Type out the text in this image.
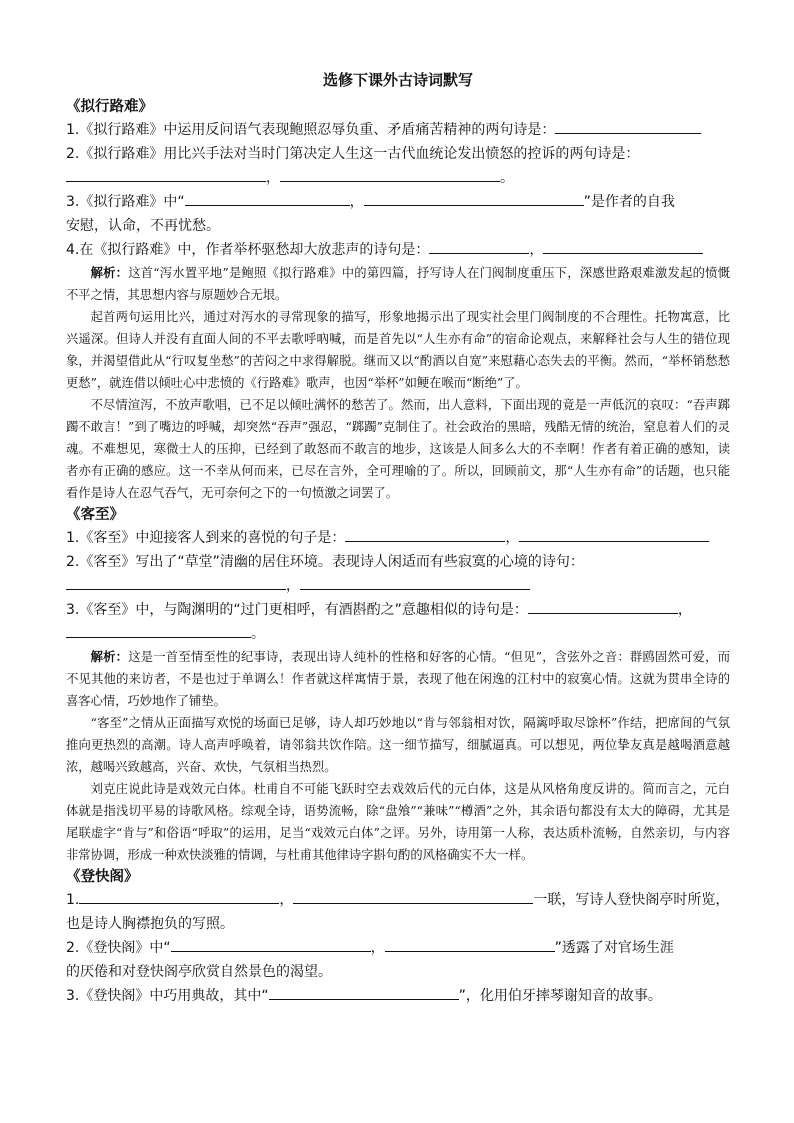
选修下课外古诗词默写
《拟行路难》
1.《拟行路难》中运用反问语气表现鲍照忍辱负重、矛盾痛苦精神的两句诗是：
2.《拟行路难》用比兴手法对当时门第决定人生这一古代血统论发出愤怒的控诉的两句诗是：
，	。
3.《拟行路难》中“	，	”是作者的自我
安慰，认命，不再忧愁。
4.在《拟行路难》中，作者举杯驱愁却大放悲声的诗句是：	，
解析：这首“泻水置平地”是鲍照《拟行路难》中的第四篇，抒写诗人在门阀制度重压下，深感世路艰难激发起的愤慨不平之情，其思想内容与原题妙合无垠。
起首两句运用比兴，通过对泻水的寻常现象的描写，形象地揭示出了现实社会里门阀制度的不合理性。托物寓意，比兴遥深。但诗人并没有直面人间的不平去歌呼吶喊，而是首先以“人生亦有命”的宿命论观点，来解释社会与人生的错位现象，并渴望借此从“行叹复坐愁”的苦闷之中求得解脱。继而又以“酌酒以自宽”来慰藉心态失去的平衡。然而，“举杯销愁愁更愁”，就连借以倾吐心中悲愤的《行路难》歌声，也因“举杯”如鲠在喉而“断绝”了。
不尽情渲泻，不放声歌唱，已不足以倾吐满怀的愁苦了。然而，出人意料，下面出现的竟是一声低沉的哀叹：“吞声踯躅不敢言！”到了嘴边的呼喊，却突然“吞声”强忍，“踯躅”克制住了。社会政治的黑暗，残酷无情的统治，窒息着人们的灵魂。不难想见，寒微士人的压抑，已经到了敢怒而不敢言的地步，这该是人间多么大的不幸啊！作者有着正确的感知，读者亦有正确的感应。这一不幸从何而来，已尽在言外，全可理喻的了。所以，回顾前文，那“人生亦有命”的话题，也只能看作是诗人在忍气吞气，无可奈何之下的一句愤激之词罢了。
《客至》
1.《客至》中迎接客人到来的喜悦的句子是：	，
2.《客至》写出了“草堂”清幽的居住环境。表现诗人闲适而有些寂寞的心境的诗句：
，
3.《客至》中，与陶渊明的“过门更相呼，有酒斟酌之”意趣相似的诗句是：	，
。
解析：这是一首至情至性的纪事诗，表现出诗人纯朴的性格和好客的心情。“但见”，含弦外之音：群鸥固然可爱，而不见其他的来访者，不是也过于单调么！作者就这样寓情于景，表现了他在闲逸的江村中的寂寞心情。这就为贯串全诗的喜客心情，巧妙地作了铺垫。
“客至”之情从正面描写欢悦的场面已足够，诗人却巧妙地以“肯与邻翁相对饮，隔篱呼取尽馀杯”作结，把席间的气氛推向更热烈的高潮。诗人高声呼唤着，请邻翁共饮作陪。这一细节描写，细腻逼真。可以想见，两位挚友真是越喝酒意越浓，越喝兴致越高，兴奋、欢快，气氛相当热烈。
刘克庄说此诗是戏效元白体。杜甫自不可能飞跃时空去戏效后代的元白体，这是从风格角度反讲的。简而言之，元白体就是指浅切平易的诗歌风格。综观全诗，语势流畅，除“盘飧”“兼味”“樽酒”之外，其余语句都没有太大的障碍，尤其是尾联虚字“肯与”和俗语“呼取”的运用，足当“戏效元白体”之评。另外，诗用第一人称，表达质朴流畅，自然亲切，与内容非常协调，形成一种欢快淡雅的情调，与杜甫其他律诗字斟句酌的风格确实不大一样。
《登快阁》
1.	，	一联，写诗人登快阁亭时所览，
也是诗人胸襟抱负的写照。
2.《登快阁》中“	，	”透露了对官场生涯
的厌倦和对登快阁亭欣赏自然景色的渴望。
3.《登快阁》中巧用典故，其中“	”，化用伯牙摔琴谢知音的故事。
